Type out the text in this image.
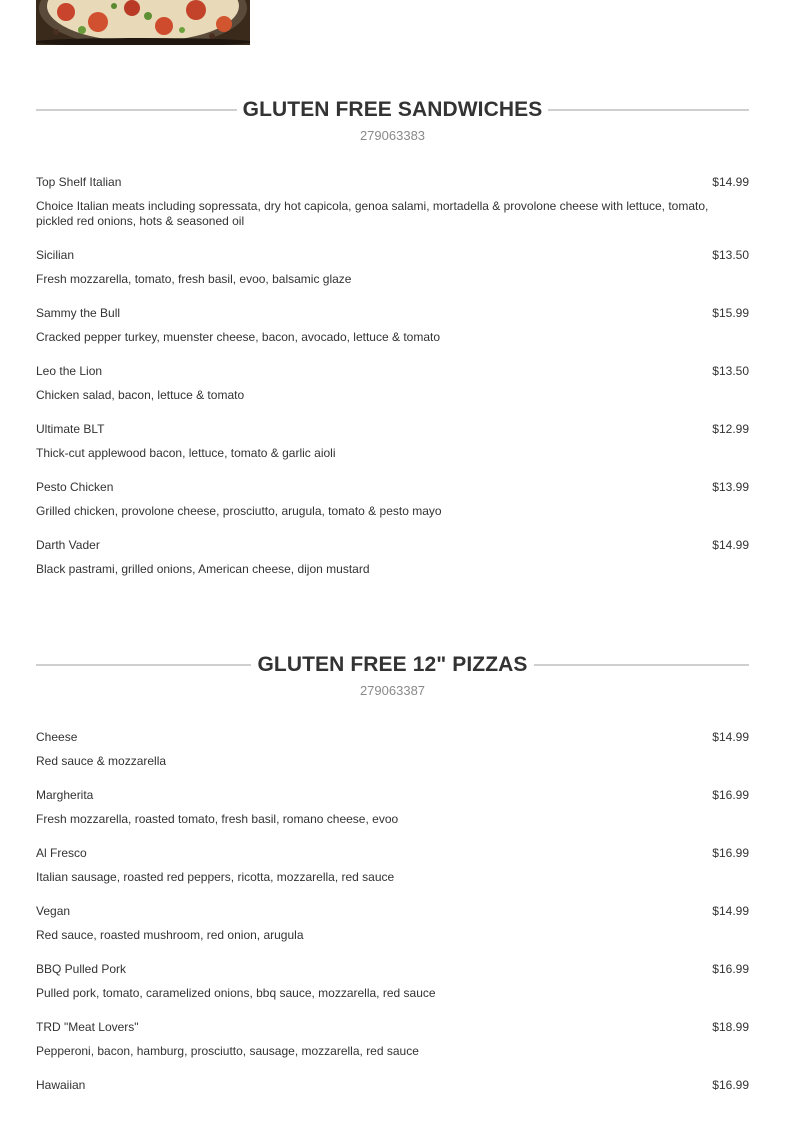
GLUTEN FREE SANDWICHES
279063383
Top Shelf Italian	$14.99
Choice Italian meats including sopressata, dry hot capicola, genoa salami, mortadella & provolone cheese with lettuce, tomato, pickled red onions, hots & seasoned oil
Sicilian	$13.50
Fresh mozzarella, tomato, fresh basil, evoo, balsamic glaze
Sammy the Bull	$15.99
Cracked pepper turkey, muenster cheese, bacon, avocado, lettuce & tomato
Leo the Lion	$13.50
Chicken salad, bacon, lettuce & tomato
Ultimate BLT	$12.99
Thick-cut applewood bacon, lettuce, tomato & garlic aioli
Pesto Chicken	$13.99
Grilled chicken, provolone cheese, prosciutto, arugula, tomato & pesto mayo
Darth Vader	$14.99
Black pastrami, grilled onions, American cheese, dijon mustard
GLUTEN FREE 12" PIZZAS
279063387
Cheese	$14.99
Red sauce & mozzarella
Margherita	$16.99
Fresh mozzarella, roasted tomato, fresh basil, romano cheese, evoo
Al Fresco	$16.99
Italian sausage, roasted red peppers, ricotta, mozzarella, red sauce
Vegan	$14.99
Red sauce, roasted mushroom, red onion, arugula
BBQ Pulled Pork	$16.99
Pulled pork, tomato, caramelized onions, bbq sauce, mozzarella, red sauce
TRD "Meat Lovers"	$18.99
Pepperoni, bacon, hamburg, prosciutto, sausage, mozzarella, red sauce
Hawaiian	$16.99
